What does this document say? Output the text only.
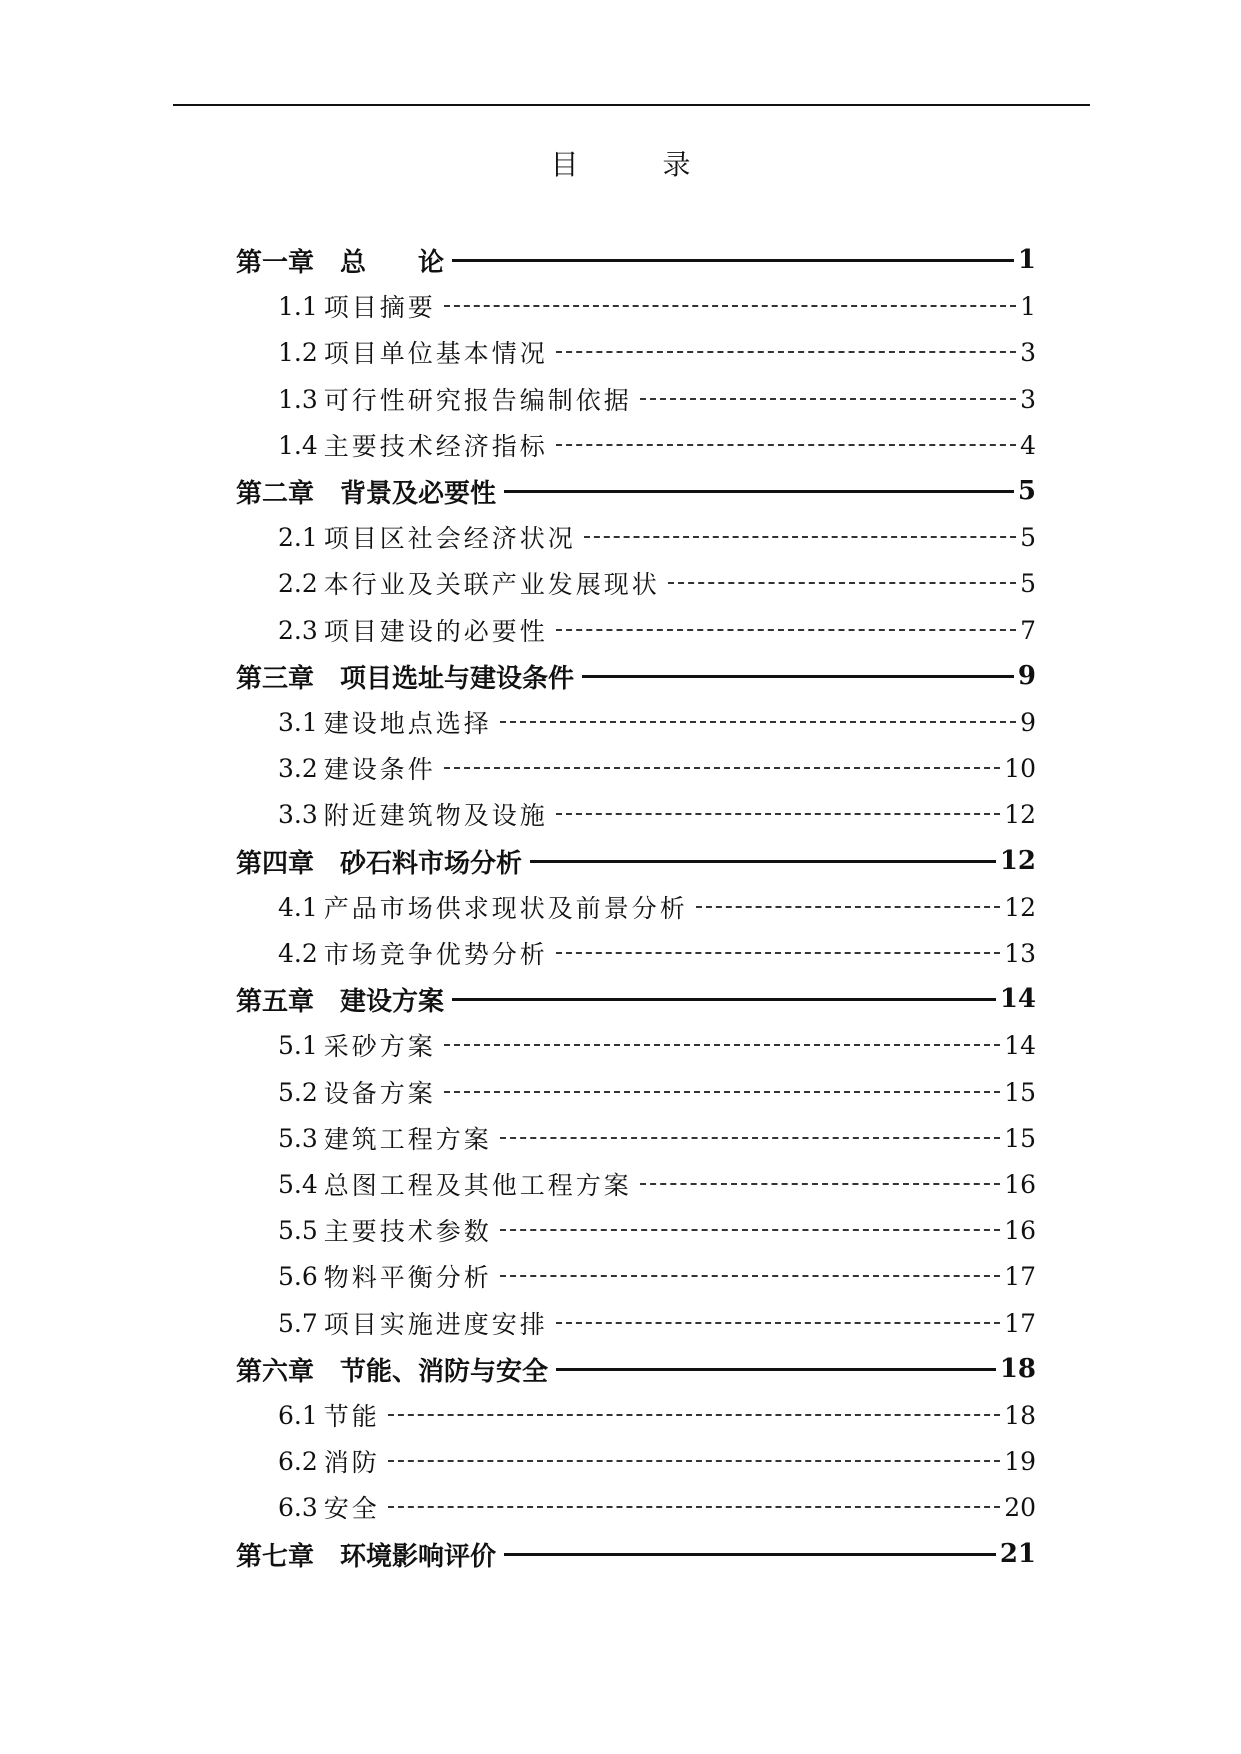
目　录
第一章 总　　论	1
1.1 项目摘要	1
1.2 项目单位基本情况	3
1.3 可行性研究报告编制依据	3
1.4 主要技术经济指标	4
第二章 背景及必要性	5
2.1 项目区社会经济状况	5
2.2 本行业及关联产业发展现状	5
2.3 项目建设的必要性	7
第三章 项目选址与建设条件	9
3.1 建设地点选择	9
3.2 建设条件	10
3.3 附近建筑物及设施	12
第四章 砂石料市场分析	12
4.1 产品市场供求现状及前景分析	12
4.2 市场竞争优势分析	13
第五章 建设方案	14
5.1 采砂方案	14
5.2 设备方案	15
5.3 建筑工程方案	15
5.4 总图工程及其他工程方案	16
5.5 主要技术参数	16
5.6 物料平衡分析	17
5.7 项目实施进度安排	17
第六章 节能、消防与安全	18
6.1 节能	18
6.2 消防	19
6.3 安全	20
第七章 环境影响评价	21
